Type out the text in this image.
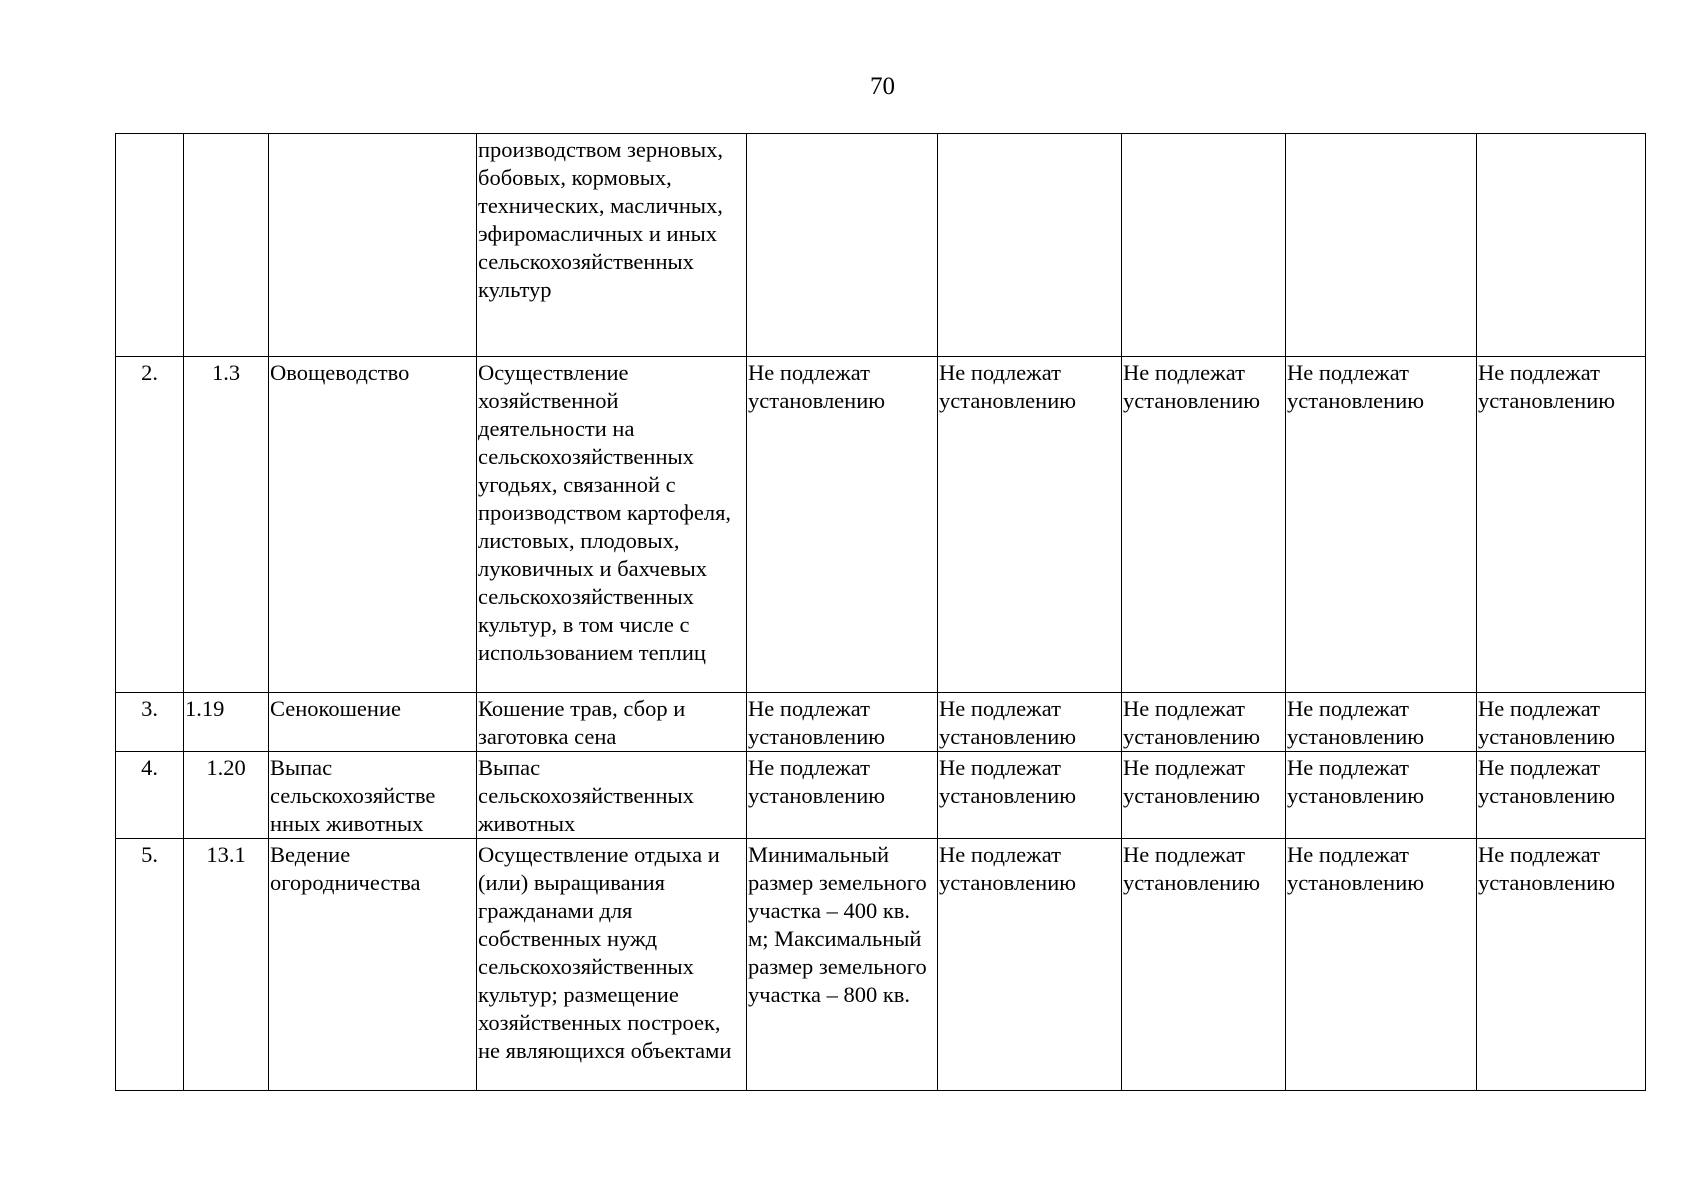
70
			производством зерновых, бобовых, кормовых, технических, масличных, эфиромасличных и иных сельскохозяйственных культур					
2.	1.3	Овощеводство	Осуществление хозяйственной деятельности на сельскохозяйственных угодьях, связанной с производством картофеля, листовых, плодовых, луковичных и бахчевых сельскохозяйственных культур, в том числе с использованием теплиц	Не подлежат установлению	Не подлежат установлению	Не подлежат установлению	Не подлежат установлению	Не подлежат установлению
3.	1.19	Сенокошение	Кошение трав, сбор и заготовка сена	Не подлежат установлению	Не подлежат установлению	Не подлежат установлению	Не подлежат установлению	Не подлежат установлению
4.	1.20	Выпас сельскохозяйстве нных животных	Выпас сельскохозяйственных животных	Не подлежат установлению	Не подлежат установлению	Не подлежат установлению	Не подлежат установлению	Не подлежат установлению
5.	13.1	Ведение огородничества	Осуществление отдыха и (или) выращивания гражданами для собственных нужд сельскохозяйственных культур; размещение хозяйственных построек, не являющихся объектами	Минимальный размер земельного участка – 400 кв. м; Максимальный размер земельного участка – 800 кв.	Не подлежат установлению	Не подлежат установлению	Не подлежат установлению	Не подлежат установлению
